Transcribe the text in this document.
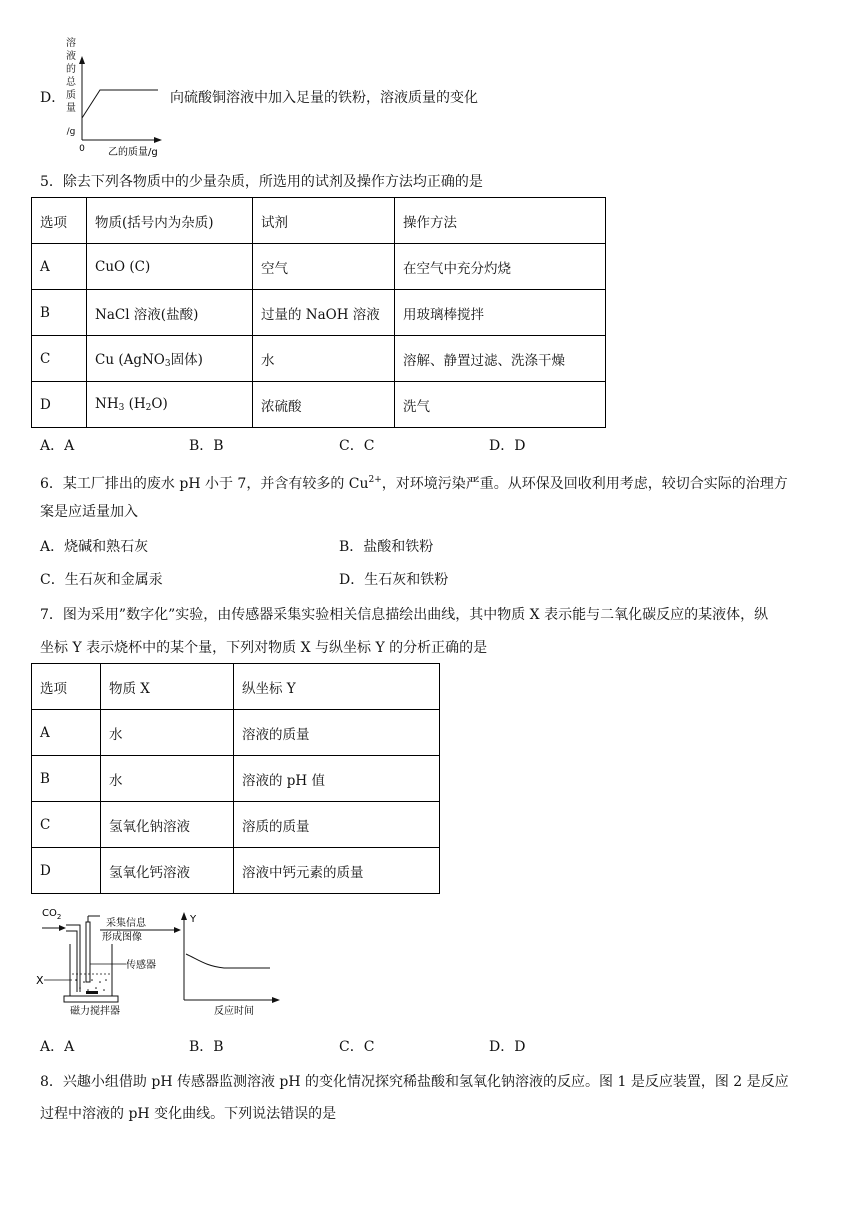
D．
溶
液
的
总
质
量
/g
0 乙的质量/g
向硫酸铜溶液中加入足量的铁粉，溶液质量的变化
5．除去下列各物质中的少量杂质，所选用的试剂及操作方法均正确的是
选项	物质(括号内为杂质)	试剂	操作方法
A	CuO (C)	空气	在空气中充分灼烧
B	NaCl 溶液(盐酸)	过量的 NaOH 溶液	用玻璃棒搅拌
C	Cu (AgNO$_3$固体)	水	溶解、静置过滤、洗涤干燥
D	$NH_3$ $(H_2O)$	浓硫酸	洗气
A．A	B．B	C．C	D．D
6．某工厂排出的废水 pH 小于 7，并含有较多的 $Cu^{2+}$，对环境污染严重。从环保及回收利用考虑，较切合实际的治理方
案是应适量加入
A．烧碱和熟石灰	B．盐酸和铁粉
C．生石灰和金属汞	D．生石灰和铁粉
7．图为采用”数字化”实验，由传感器采集实验相关信息描绘出曲线，其中物质 X 表示能与二氧化碳反应的某液体，纵
坐标 Y 表示烧杯中的某个量，下列对物质 X 与纵坐标 Y 的分析正确的是
选项	物质 X	纵坐标 Y
A	水	溶液的质量
B	水	溶液的 pH 值
C	氢氧化钠溶液	溶质的质量
D	氢氧化钙溶液	溶液中钙元素的质量
$CO_2$
X
采集信息
形成图像
传感器
磁力搅拌器
Y
反应时间
A．A	B．B	C．C	D．D
8．兴趣小组借助 pH 传感器监测溶液 pH 的变化情况探究稀盐酸和氢氧化钠溶液的反应。图 1 是反应装置，图 2 是反应
过程中溶液的 pH 变化曲线。下列说法错误的是
